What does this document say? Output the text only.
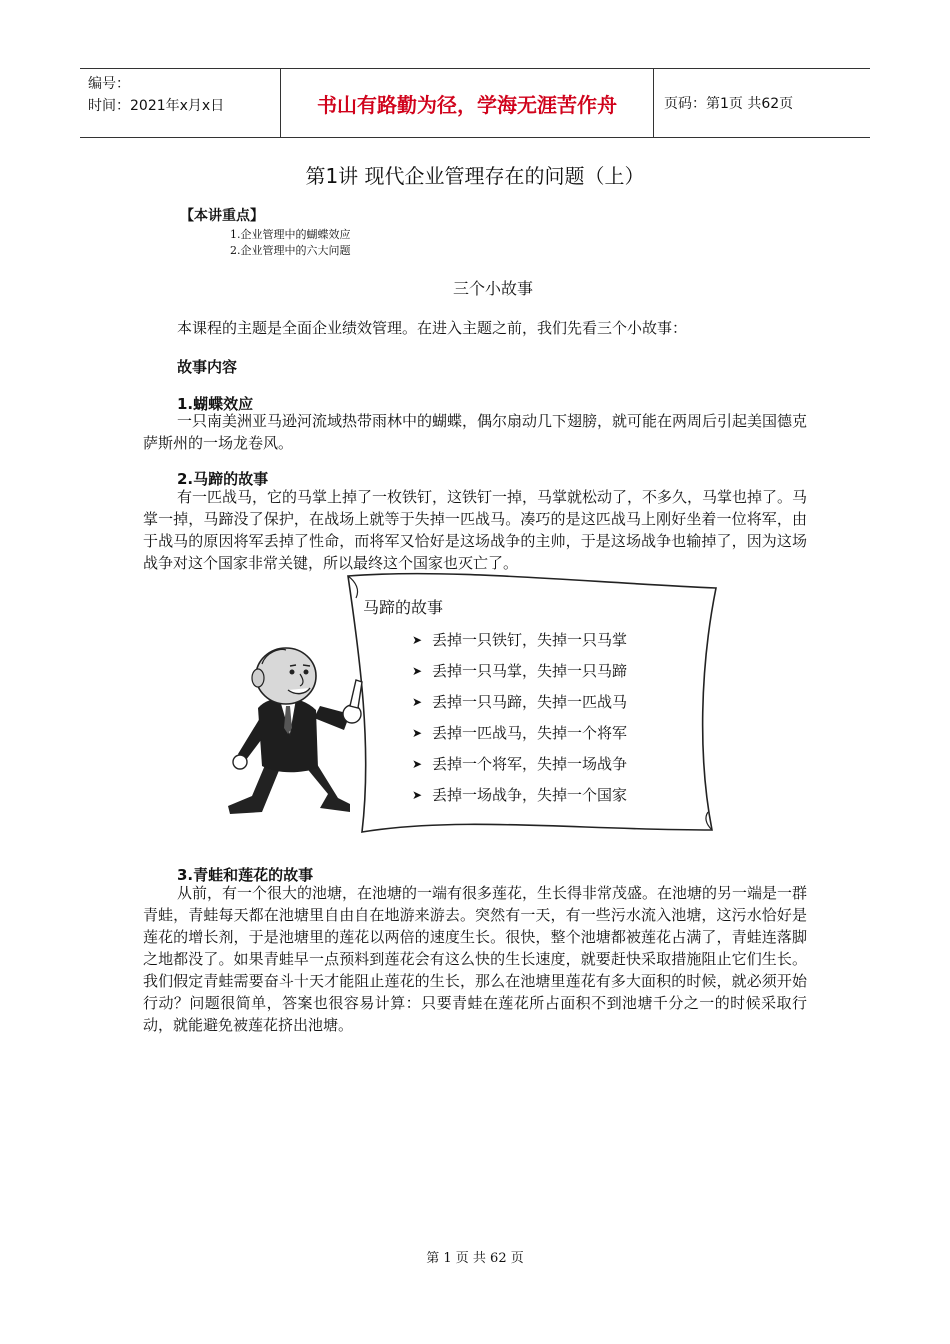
编号：
时间：2021年x月x日	书山有路勤为径，学海无涯苦作舟	页码：第1页 共62页
第1讲 现代企业管理存在的问题（上）
【本讲重点】
1.企业管理中的蝴蝶效应
2.企业管理中的六大问题
三个小故事

本课程的主题是全面企业绩效管理。在进入主题之前，我们先看三个小故事：

故事内容
1.蝴蝶效应

一只南美洲亚马逊河流域热带雨林中的蝴蝶，偶尔扇动几下翅膀，就可能在两周后引起美国德克萨斯州的一场龙卷风。

2.马蹄的故事

有一匹战马，它的马掌上掉了一枚铁钉，这铁钉一掉，马掌就松动了，不多久，马掌也掉了。马掌一掉，马蹄没了保护，在战场上就等于失掉一匹战马。凑巧的是这匹战马上刚好坐着一位将军，由于战马的原因将军丢掉了性命，而将军又恰好是这场战争的主帅，于是这场战争也输掉了，因为这场战争对这个国家非常关键，所以最终这个国家也灭亡了。

马蹄的故事
➤ 丢掉一只铁钉，失掉一只马掌
➤ 丢掉一只马掌，失掉一只马蹄
➤ 丢掉一只马蹄，失掉一匹战马
➤ 丢掉一匹战马，失掉一个将军
➤ 丢掉一个将军，失掉一场战争
➤ 丢掉一场战争，失掉一个国家
3.青蛙和莲花的故事

从前，有一个很大的池塘，在池塘的一端有很多莲花，生长得非常茂盛。在池塘的另一端是一群青蛙，青蛙每天都在池塘里自由自在地游来游去。突然有一天，有一些污水流入池塘，这污水恰好是莲花的增长剂，于是池塘里的莲花以两倍的速度生长。很快，整个池塘都被莲花占满了，青蛙连落脚之地都没了。如果青蛙早一点预料到莲花会有这么快的生长速度，就要赶快采取措施阻止它们生长。我们假定青蛙需要奋斗十天才能阻止莲花的生长，那么在池塘里莲花有多大面积的时候，就必须开始行动？问题很简单，答案也很容易计算：只要青蛙在莲花所占面积不到池塘千分之一的时候采取行动，就能避免被莲花挤出池塘。

第 1 页 共 62 页
